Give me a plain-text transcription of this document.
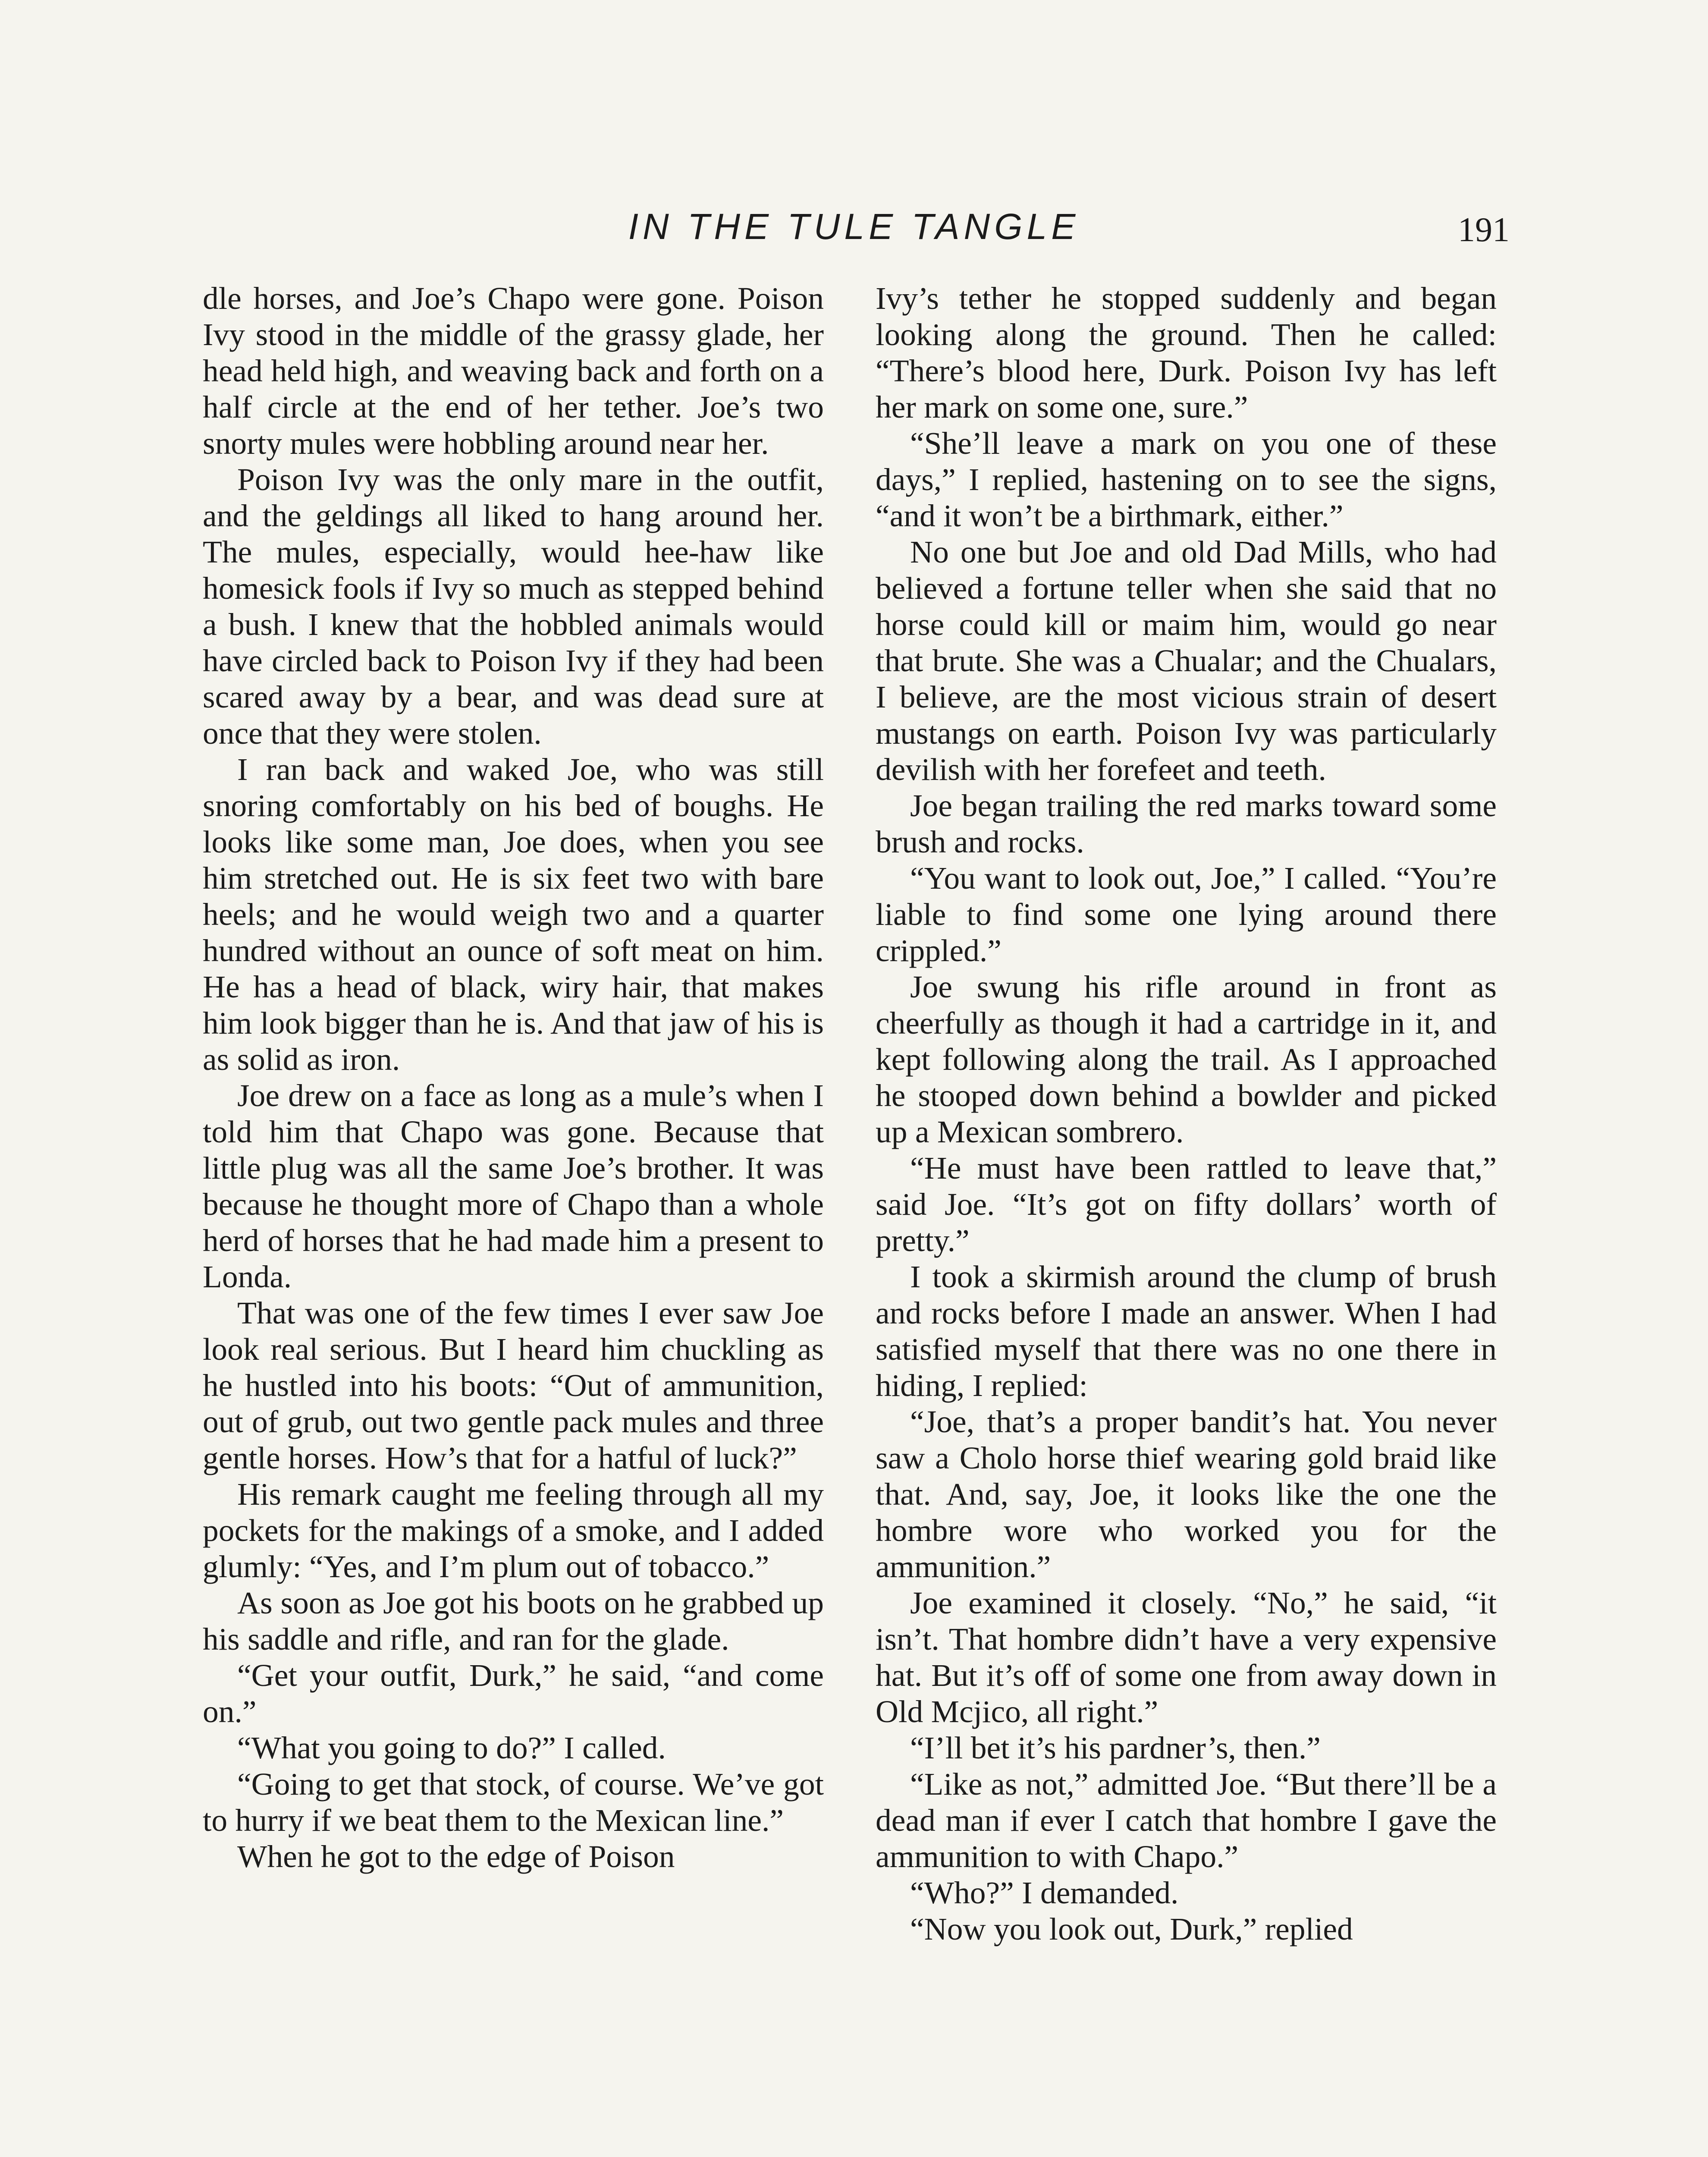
IN THE TULE TANGLE	191

dle horses, and Joe’s Chapo were gone. Poison Ivy stood in the middle of the grassy glade, her head held high, and weaving back and forth on a half circle at the end of her tether. Joe’s two snorty mules were hobbling around near her.

Poison Ivy was the only mare in the outfit, and the geldings all liked to hang around her. The mules, especially, would hee-haw like homesick fools if Ivy so much as stepped behind a bush. I knew that the hobbled animals would have circled back to Poison Ivy if they had been scared away by a bear, and was dead sure at once that they were stolen.

I ran back and waked Joe, who was still snoring comfortably on his bed of boughs. He looks like some man, Joe does, when you see him stretched out. He is six feet two with bare heels; and he would weigh two and a quarter hundred without an ounce of soft meat on him. He has a head of black, wiry hair, that makes him look bigger than he is. And that jaw of his is as solid as iron.

Joe drew on a face as long as a mule’s when I told him that Chapo was gone. Because that little plug was all the same Joe’s brother. It was because he thought more of Chapo than a whole herd of horses that he had made him a present to Londa.

That was one of the few times I ever saw Joe look real serious. But I heard him chuckling as he hustled into his boots: “Out of ammunition, out of grub, out two gentle pack mules and three gentle horses. How’s that for a hatful of luck?”

His remark caught me feeling through all my pockets for the makings of a smoke, and I added glumly: “Yes, and I’m plum out of tobacco.”

As soon as Joe got his boots on he grabbed up his saddle and rifle, and ran for the glade.

“Get your outfit, Durk,” he said, “and come on.”

“What you going to do?” I called.

“Going to get that stock, of course. We’ve got to hurry if we beat them to the Mexican line.”

When he got to the edge of Poison

Ivy’s tether he stopped suddenly and began looking along the ground. Then he called: “There’s blood here, Durk. Poison Ivy has left her mark on some one, sure.”

“She’ll leave a mark on you one of these days,” I replied, hastening on to see the signs, “and it won’t be a birthmark, either.”

No one but Joe and old Dad Mills, who had believed a fortune teller when she said that no horse could kill or maim him, would go near that brute. She was a Chualar; and the Chualars, I believe, are the most vicious strain of desert mustangs on earth. Poison Ivy was particularly devilish with her forefeet and teeth.

Joe began trailing the red marks toward some brush and rocks.

“You want to look out, Joe,” I called. “You’re liable to find some one lying around there crippled.”

Joe swung his rifle around in front as cheerfully as though it had a cartridge in it, and kept following along the trail. As I approached he stooped down behind a bowlder and picked up a Mexican sombrero.

“He must have been rattled to leave that,” said Joe. “It’s got on fifty dollars’ worth of pretty.”

I took a skirmish around the clump of brush and rocks before I made an answer. When I had satisfied myself that there was no one there in hiding, I replied:

“Joe, that’s a proper bandit’s hat. You never saw a Cholo horse thief wearing gold braid like that. And, say, Joe, it looks like the one the hombre wore who worked you for the ammunition.”

Joe examined it closely. “No,” he said, “it isn’t. That hombre didn’t have a very expensive hat. But it’s off of some one from away down in Old Mcjico, all right.”

“I’ll bet it’s his pardner’s, then.”

“Like as not,” admitted Joe. “But there’ll be a dead man if ever I catch that hombre I gave the ammunition to with Chapo.”

“Who?” I demanded.

“Now you look out, Durk,” replied
